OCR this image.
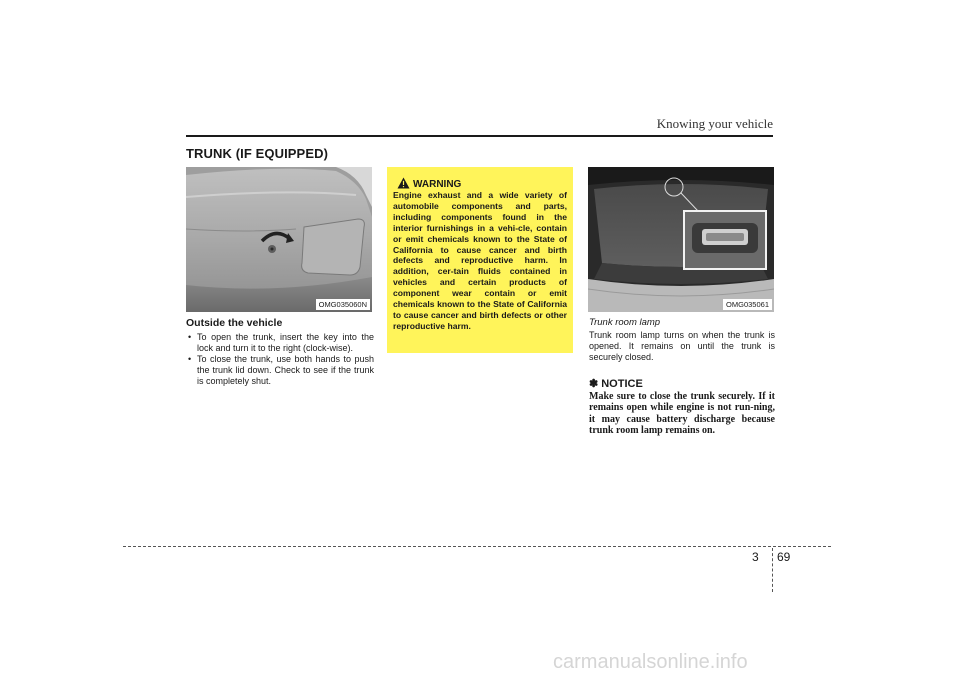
Knowing your vehicle
TRUNK (IF EQUIPPED)
OMG035060N
Outside the vehicle
• To open the trunk, insert the key into the lock and turn it to the right (clock-wise).
• To close the trunk, use both hands to push the trunk lid down. Check to see if the trunk is completely shut.
WARNING
Engine exhaust and a wide variety of automobile components and parts, including components found in the interior furnishings in a vehi-cle, contain or emit chemicals known to the State of California to cause cancer and birth defects and reproductive harm. In addition, cer-tain fluids contained in vehicles and certain products of component wear contain or emit chemicals known to the State of California to cause cancer and birth defects or other reproductive harm.
OMG035061
Trunk room lamp
Trunk room lamp turns on when the trunk is opened. It remains on until the trunk is securely closed.
✽ NOTICE
Make sure to close the trunk securely. If it remains open while engine is not run-ning, it may cause battery discharge because trunk room lamp remains on.
3 69
carmanualsonline.info
